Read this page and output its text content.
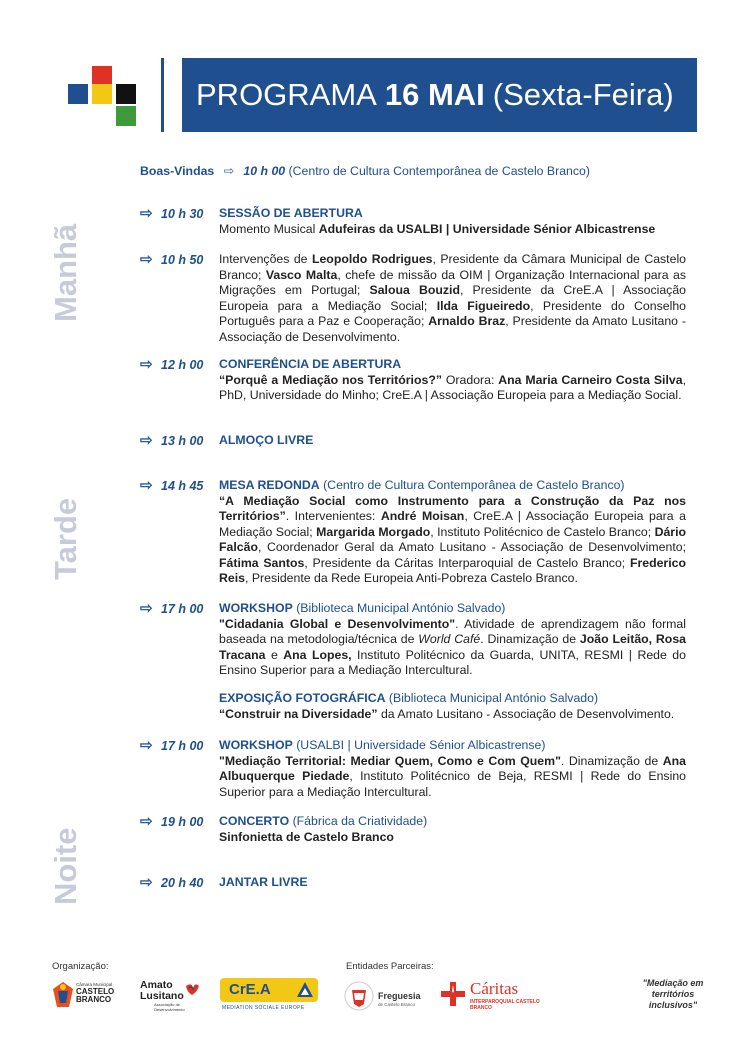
PROGRAMA 16 MAI (Sexta-Feira)
Boas-Vindas ⇨ 10 h 00 (Centro de Cultura Contemporânea de Castelo Branco)
Manhã
Tarde
Noite
⇨ 10 h 30 SESSÃO DE ABERTURA
Momento Musical Adufeiras da USALBI | Universidade Sénior Albicastrense
⇨ 10 h 50 Intervenções de Leopoldo Rodrigues, Presidente da Câmara Municipal de Castelo Branco; Vasco Malta, chefe de missão da OIM | Organização Internacional para as Migrações em Portugal; Saloua Bouzid, Presidente da CreE.A | Associação Europeia para a Mediação Social; Ilda Figueiredo, Presidente do Conselho Português para a Paz e Cooperação; Arnaldo Braz, Presidente da Amato Lusitano - Associação de Desenvolvimento.
⇨ 12 h 00 CONFERÊNCIA DE ABERTURA
“Porquê a Mediação nos Territórios?” Oradora: Ana Maria Carneiro Costa Silva, PhD, Universidade do Minho; CreE.A | Associação Europeia para a Mediação Social.
⇨ 13 h 00 ALMOÇO LIVRE
⇨ 14 h 45 MESA REDONDA (Centro de Cultura Contemporânea de Castelo Branco)
“A Mediação Social como Instrumento para a Construção da Paz nos Territórios”. Intervenientes: André Moisan, CreE.A | Associação Europeia para a Mediação Social; Margarida Morgado, Instituto Politécnico de Castelo Branco; Dário Falcão, Coordenador Geral da Amato Lusitano - Associação de Desenvolvimento; Fátima Santos, Presidente da Cáritas Interparoquial de Castelo Branco; Frederico Reis, Presidente da Rede Europeia Anti-Pobreza Castelo Branco.
⇨ 17 h 00 WORKSHOP (Biblioteca Municipal António Salvado)
"Cidadania Global e Desenvolvimento". Atividade de aprendizagem não formal baseada na metodologia/técnica de World Café. Dinamização de João Leitão, Rosa Tracana e Ana Lopes, Instituto Politécnico da Guarda, UNITA, RESMI | Rede do Ensino Superior para a Mediação Intercultural.
EXPOSIÇÃO FOTOGRÁFICA (Biblioteca Municipal António Salvado)
“Construir na Diversidade” da Amato Lusitano - Associação de Desenvolvimento.
⇨ 17 h 00 WORKSHOP (USALBI | Universidade Sénior Albicastrense)
"Mediação Territorial: Mediar Quem, Como e Com Quem". Dinamização de Ana Albuquerque Piedade, Instituto Politécnico de Beja, RESMI | Rede do Ensino Superior para a Mediação Intercultural.
⇨ 19 h 00 CONCERTO (Fábrica da Criatividade)
Sinfonietta de Castelo Branco
⇨ 20 h 40 JANTAR LIVRE
Organização:	Entidades Parceiras:
Câmara Municipal
CASTELO BRANCO
Amato Lusitano
Associação de Desenvolvimento
CrE.A
MEDIATION SOCIALE EUROPE
Freguesia
de Castelo Branco
Cáritas
INTERPAROQUIAL CASTELO BRANCO
"Mediação em territórios inclusivos"
